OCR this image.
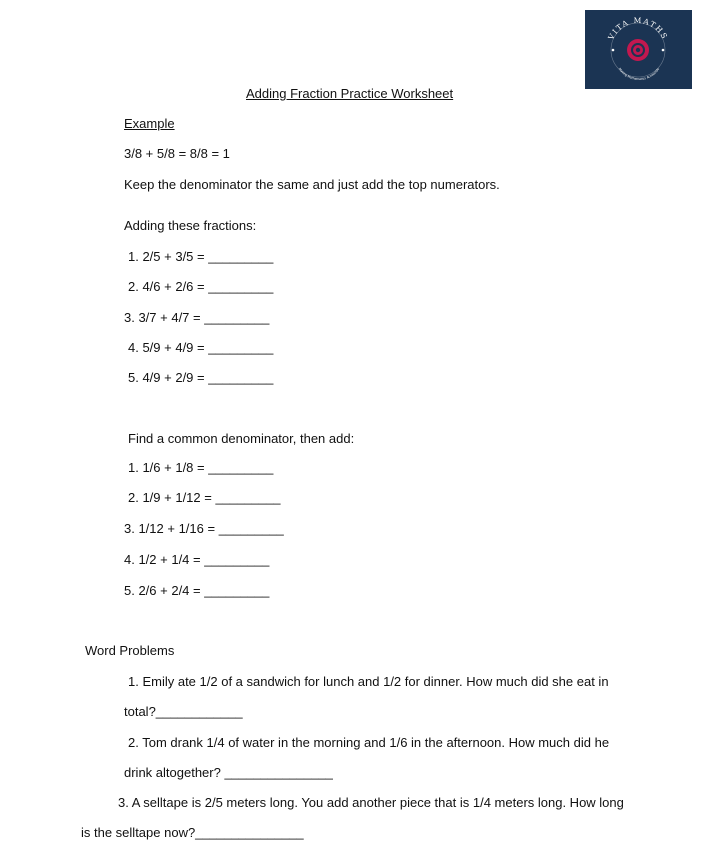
VITA MATHS
Making Mathematics Accessible
Adding Fraction Practice Worksheet
Example
3/8 + 5/8 = 8/8 = 1
Keep the denominator the same and just add the top numerators.
Adding these fractions:
1. 2/5 + 3/5 = _________
2. 4/6 + 2/6 = _________
3. 3/7 + 4/7 = _________
4. 5/9 + 4/9 = _________
5. 4/9 + 2/9 = _________
Find a common denominator, then add:
1. 1/6 + 1/8 = _________
2. 1/9 + 1/12 = _________
3. 1/12 + 1/16 = _________
4. 1/2 + 1/4 = _________
5. 2/6 + 2/4 = _________
Word Problems
1. Emily ate 1/2 of a sandwich for lunch and 1/2 for dinner. How much did she eat in
total?____________
2. Tom drank 1/4 of water in the morning and 1/6 in the afternoon. How much did he
drink altogether? _______________
3. A selltape is 2/5 meters long. You add another piece that is 1/4 meters long. How long
is the selltape now?_______________
